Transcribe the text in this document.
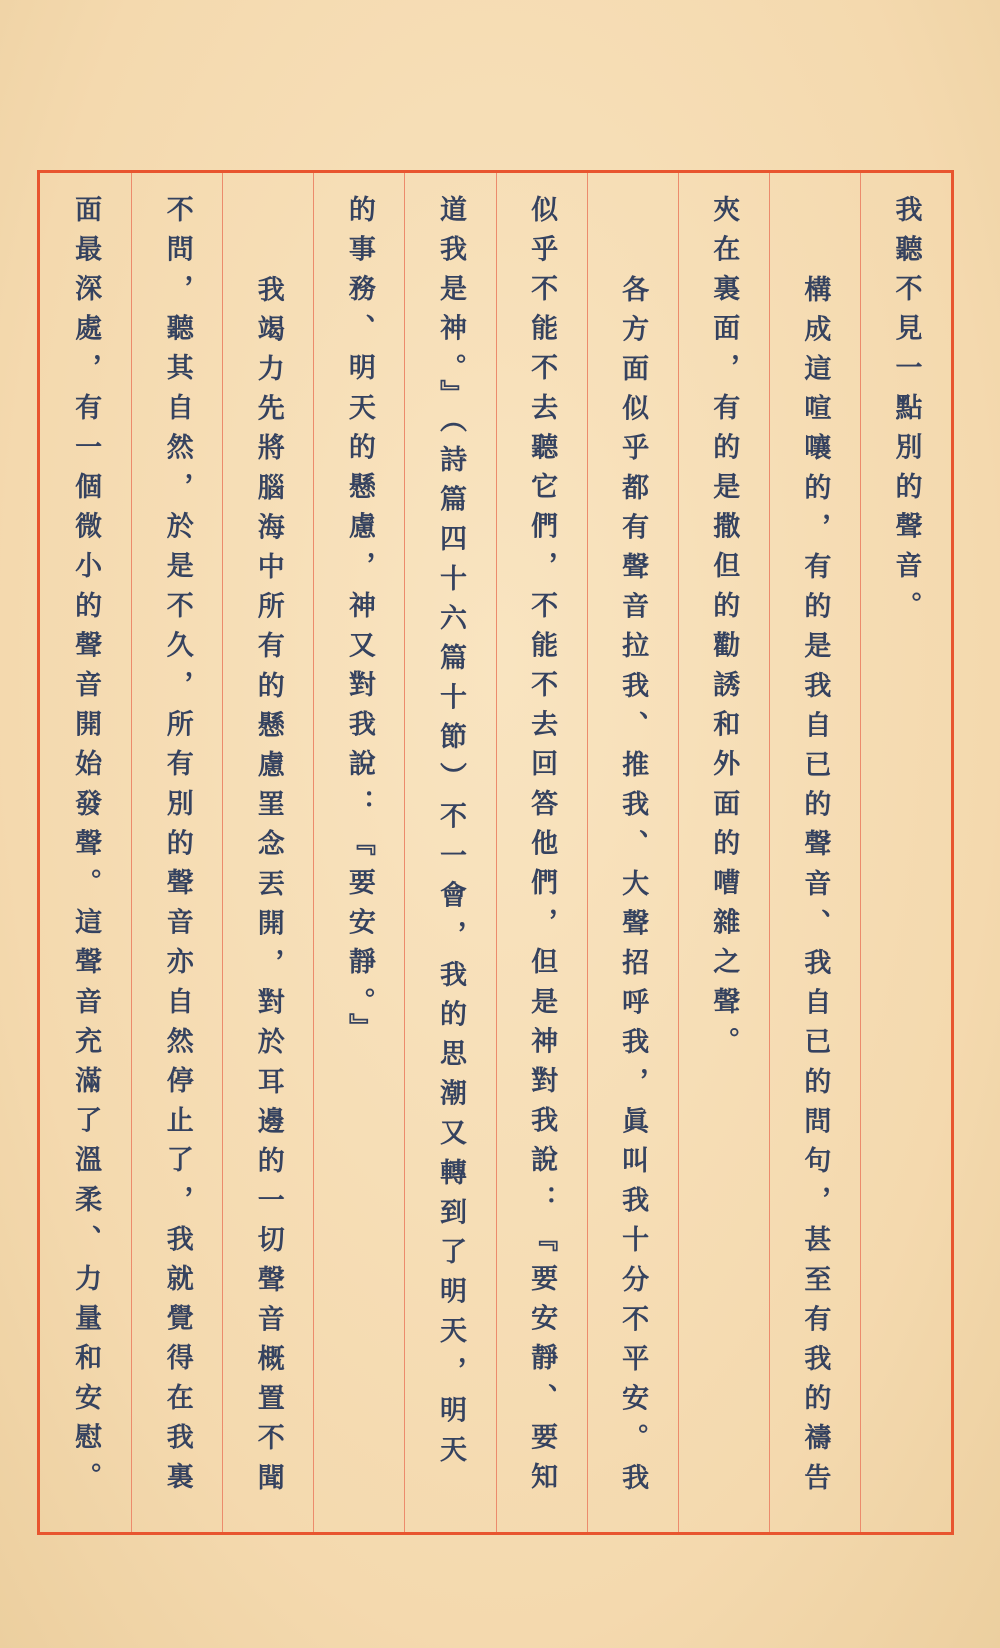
我聽不見一點別的聲音。
構成這喧嚷的，有的是我自已的聲音、我自已的問句，甚至有我的禱告
夾在裏面，有的是撒但的勸誘和外面的嘈雜之聲。
各方面似乎都有聲音拉我、推我、大聲招呼我，眞叫我十分不平安。我
似乎不能不去聽它們，不能不去回答他們，但是神對我說：『要安靜、要知
道我是神。』（詩篇四十六篇十節）不一會，我的思潮又轉到了明天，明天
的事務、明天的懸慮，神又對我說：『要安靜。』
我竭力先將腦海中所有的懸慮罣念丟開，對於耳邊的一切聲音概置不聞
不問，聽其自然，於是不久，所有別的聲音亦自然停止了，我就覺得在我裏
面最深處，有一個微小的聲音開始發聲。這聲音充滿了溫柔、力量和安慰。
